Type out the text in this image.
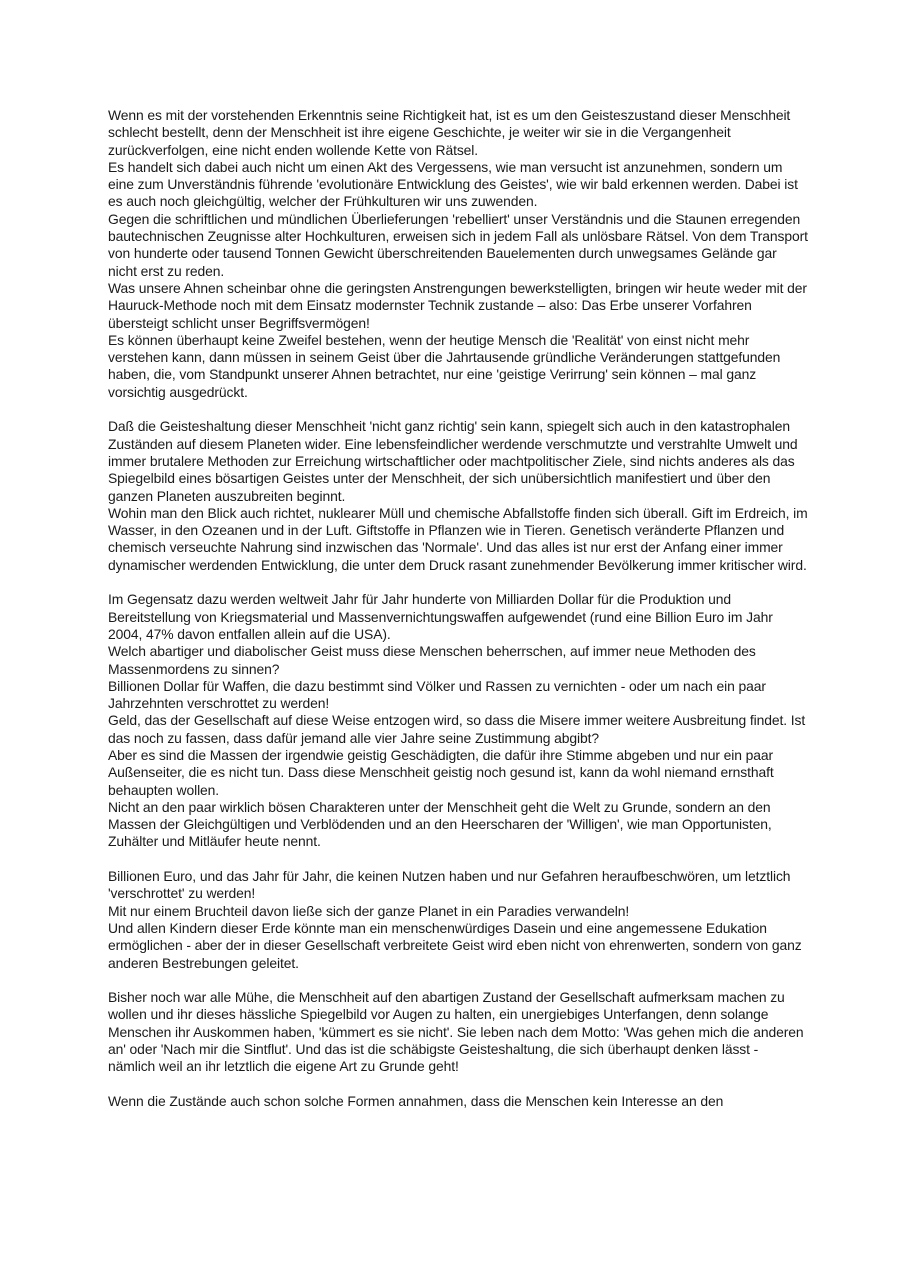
Wenn es mit der vorstehenden Erkenntnis seine Richtigkeit hat, ist es um den Geisteszustand dieser Menschheit schlecht bestellt, denn der Menschheit ist ihre eigene Geschichte, je weiter wir sie in die Vergangenheit zurückverfolgen, eine nicht enden wollende Kette von Rätsel.
Es handelt sich dabei auch nicht um einen Akt des Vergessens, wie man versucht ist anzunehmen, sondern um eine zum Unverständnis führende 'evolutionäre Entwicklung des Geistes', wie wir bald erkennen werden. Dabei ist es auch noch gleichgültig, welcher der Frühkulturen wir uns zuwenden.
Gegen die schriftlichen und mündlichen Überlieferungen 'rebelliert' unser Verständnis und die Staunen erregenden bautechnischen Zeugnisse alter Hochkulturen, erweisen sich in jedem Fall als unlösbare Rätsel. Von dem Transport von hunderte oder tausend Tonnen Gewicht überschreitenden Bauelementen durch unwegsames Gelände gar nicht erst zu reden.
Was unsere Ahnen scheinbar ohne die geringsten Anstrengungen bewerkstelligten, bringen wir heute weder mit der Hauruck-Methode noch mit dem Einsatz modernster Technik zustande – also: Das Erbe unserer Vorfahren übersteigt schlicht unser Begriffsvermögen!
Es können überhaupt keine Zweifel bestehen, wenn der heutige Mensch die 'Realität' von einst nicht mehr verstehen kann, dann müssen in seinem Geist über die Jahrtausende gründliche Veränderungen stattgefunden haben, die, vom Standpunkt unserer Ahnen betrachtet, nur eine 'geistige Verirrung' sein können – mal ganz vorsichtig ausgedrückt.
Daß die Geisteshaltung dieser Menschheit 'nicht ganz richtig' sein kann, spiegelt sich auch in den katastrophalen Zuständen auf diesem Planeten wider. Eine lebensfeindlicher werdende verschmutzte und verstrahlte Umwelt und immer brutalere Methoden zur Erreichung wirtschaftlicher oder machtpolitischer Ziele, sind nichts anderes als das Spiegelbild eines bösartigen Geistes unter der Menschheit, der sich unübersichtlich manifestiert und über den ganzen Planeten auszubreiten beginnt.
Wohin man den Blick auch richtet, nuklearer Müll und chemische Abfallstoffe finden sich überall. Gift im Erdreich, im Wasser, in den Ozeanen und in der Luft. Giftstoffe in Pflanzen wie in Tieren. Genetisch veränderte Pflanzen und chemisch verseuchte Nahrung sind inzwischen das 'Normale'. Und das alles ist nur erst der Anfang einer immer dynamischer werdenden Entwicklung, die unter dem Druck rasant zunehmender Bevölkerung immer kritischer wird.
Im Gegensatz dazu werden weltweit Jahr für Jahr hunderte von Milliarden Dollar für die Produktion und Bereitstellung von Kriegsmaterial und Massenvernichtungswaffen aufgewendet (rund eine Billion Euro im Jahr 2004, 47% davon entfallen allein auf die USA).
Welch abartiger und diabolischer Geist muss diese Menschen beherrschen, auf immer neue Methoden des Massenmordens zu sinnen?
Billionen Dollar für Waffen, die dazu bestimmt sind Völker und Rassen zu vernichten - oder um nach ein paar Jahrzehnten verschrottet zu werden!
Geld, das der Gesellschaft auf diese Weise entzogen wird, so dass die Misere immer weitere Ausbreitung findet. Ist das noch zu fassen, dass dafür jemand alle vier Jahre seine Zustimmung abgibt?
Aber es sind die Massen der irgendwie geistig Geschädigten, die dafür ihre Stimme abgeben und nur ein paar Außenseiter, die es nicht tun. Dass diese Menschheit geistig noch gesund ist, kann da wohl niemand ernsthaft behaupten wollen.
Nicht an den paar wirklich bösen Charakteren unter der Menschheit geht die Welt zu Grunde, sondern an den Massen der Gleichgültigen und Verblödenden und an den Heerscharen der 'Willigen', wie man Opportunisten, Zuhälter und Mitläufer heute nennt.
Billionen Euro, und das Jahr für Jahr, die keinen Nutzen haben und nur Gefahren heraufbeschwören, um letztlich 'verschrottet' zu werden!
Mit nur einem Bruchteil davon ließe sich der ganze Planet in ein Paradies verwandeln!
Und allen Kindern dieser Erde könnte man ein menschenwürdiges Dasein und eine angemessene Edukation ermöglichen - aber der in dieser Gesellschaft verbreitete Geist wird eben nicht von ehrenwerten, sondern von ganz anderen Bestrebungen geleitet.
Bisher noch war alle Mühe, die Menschheit auf den abartigen Zustand der Gesellschaft aufmerksam machen zu wollen und ihr dieses hässliche Spiegelbild vor Augen zu halten, ein unergiebiges Unterfangen, denn solange Menschen ihr Auskommen haben, 'kümmert es sie nicht'. Sie leben nach dem Motto: 'Was gehen mich die anderen an' oder 'Nach mir die Sintflut'. Und das ist die schäbigste Geisteshaltung, die sich überhaupt denken lässt - nämlich weil an ihr letztlich die eigene Art zu Grunde geht!
Wenn die Zustände auch schon solche Formen annahmen, dass die Menschen kein Interesse an den
